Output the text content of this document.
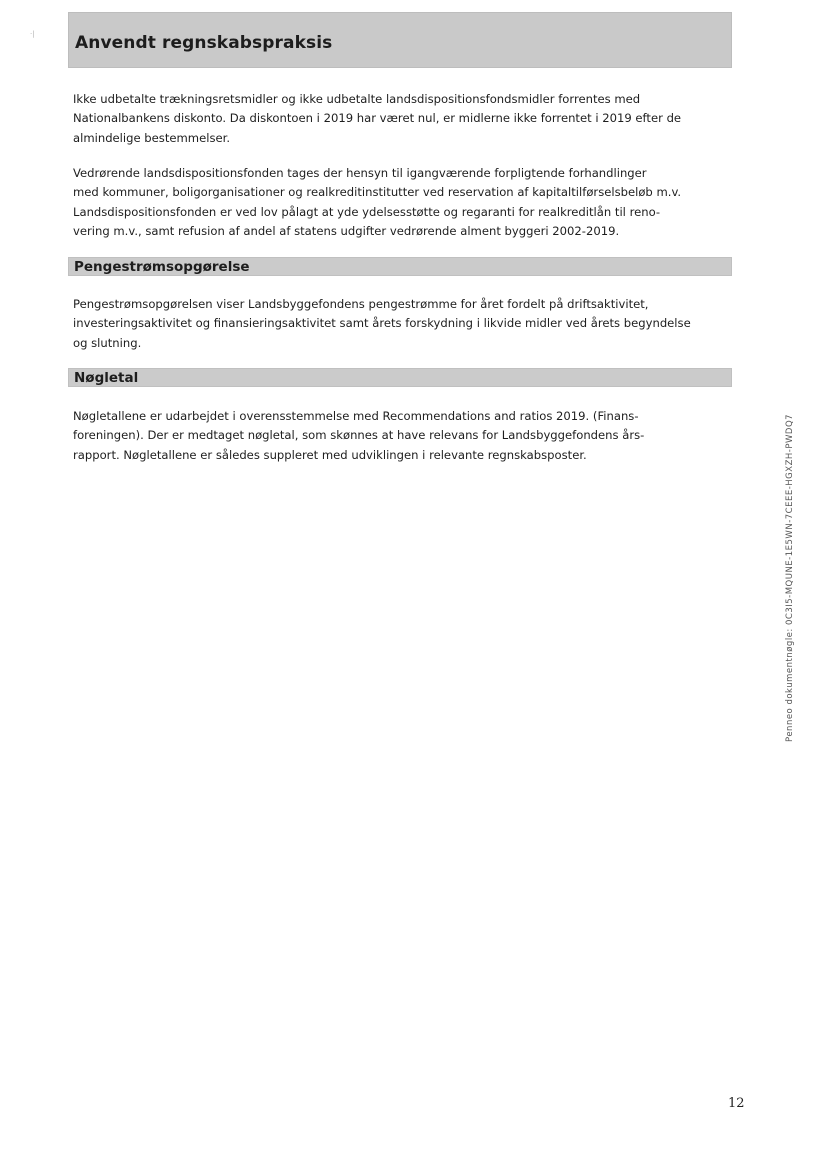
·| Anvendt regnskabspraksis

Ikke udbetalte trækningsretsmidler og ikke udbetalte landsdispositionsfondsmidler forrentes med
Nationalbankens diskonto. Da diskontoen i 2019 har været nul, er midlerne ikke forrentet i 2019 efter de
almindelige bestemmelser.

Vedrørende landsdispositionsfonden tages der hensyn til igangværende forpligtende forhandlinger
med kommuner, boligorganisationer og realkreditinstitutter ved reservation af kapitaltilførselsbeløb m.v.
Landsdispositionsfonden er ved lov pålagt at yde ydelsesstøtte og regaranti for realkreditlån til reno-
vering m.v., samt refusion af andel af statens udgifter vedrørende alment byggeri 2002-2019.

Pengestrømsopgørelse

Pengestrømsopgørelsen viser Landsbyggefondens pengestrømme for året fordelt på driftsaktivitet,
investeringsaktivitet og finansieringsaktivitet samt årets forskydning i likvide midler ved årets begyndelse
og slutning.

Nøgletal

Nøgletallene er udarbejdet i overensstemmelse med Recommendations and ratios 2019. (Finans-
foreningen). Der er medtaget nøgletal, som skønnes at have relevans for Landsbyggefondens års-
rapport. Nøgletallene er således suppleret med udviklingen i relevante regnskabsposter.	Penneo dokumentnøgle: 0C3I5-MQUNE-1E5WN-7CEEE-HGXZH-PWDQ7
12
